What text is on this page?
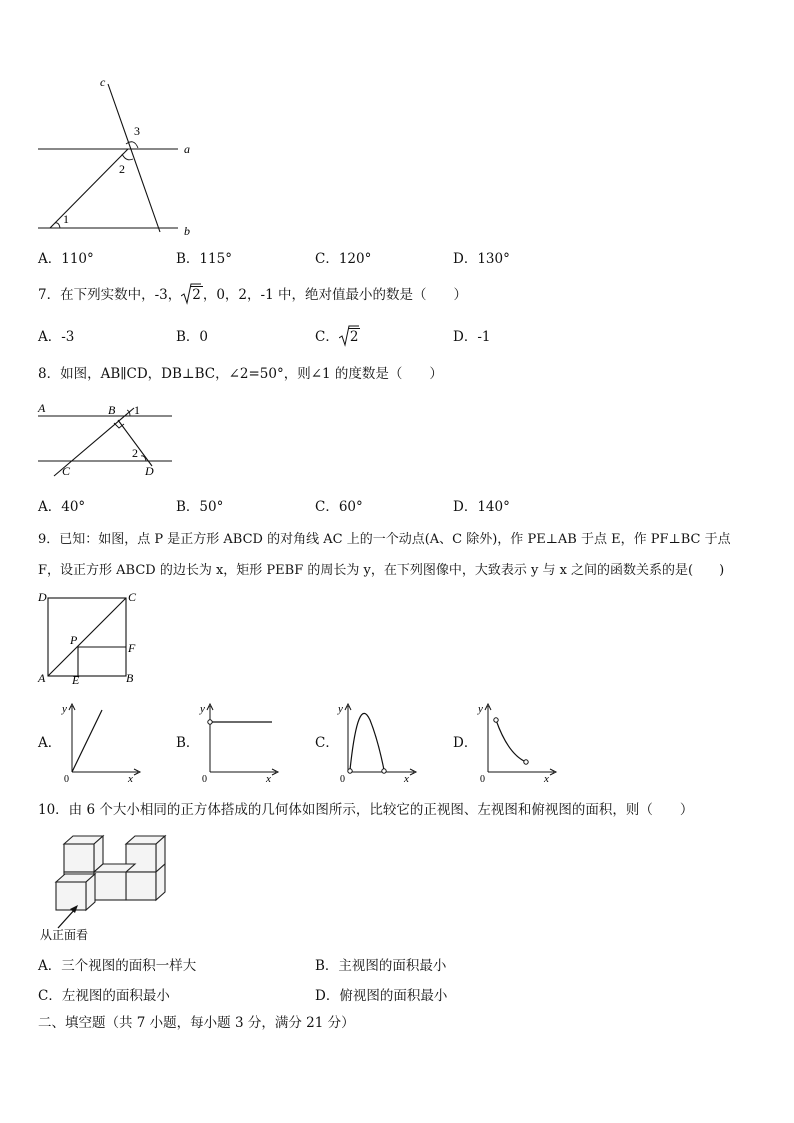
c
a
b
3
2
1
A．110°	B．115°	C．120°	D．130°
7．在下列实数中，-3， 2 ，0，2，-1 中，绝对值最小的数是（　　）
A．-3	B．0	C． 2	D．-1
8．如图，AB∥CD，DB⊥BC，∠2=50°，则∠1 的度数是（　　）
A	B 1
2
C	D
A．40°	B．50°	C．60°	D．140°
9．已知：如图，点 P 是正方形 ABCD 的对角线 AC 上的一个动点(A、C 除外)，作 PE⊥AB 于点 E，作 PF⊥BC 于点
F，设正方形 ABCD 的边长为 x，矩形 PEBF 的周长为 y，在下列图像中，大致表示 y 与 x 之间的函数关系的是(　　)
D	C
P
F
A E	B
A．
y
x
0
B．
y
x
0
C．
y
x
0
D．
y
x
0
10．由 6 个大小相同的正方体搭成的几何体如图所示，比较它的正视图、左视图和俯视图的面积，则（　　）
从正面看
A．三个视图的面积一样大	B．主视图的面积最小
C．左视图的面积最小	D．俯视图的面积最小
二、填空题（共 7 小题，每小题 3 分，满分 21 分）
